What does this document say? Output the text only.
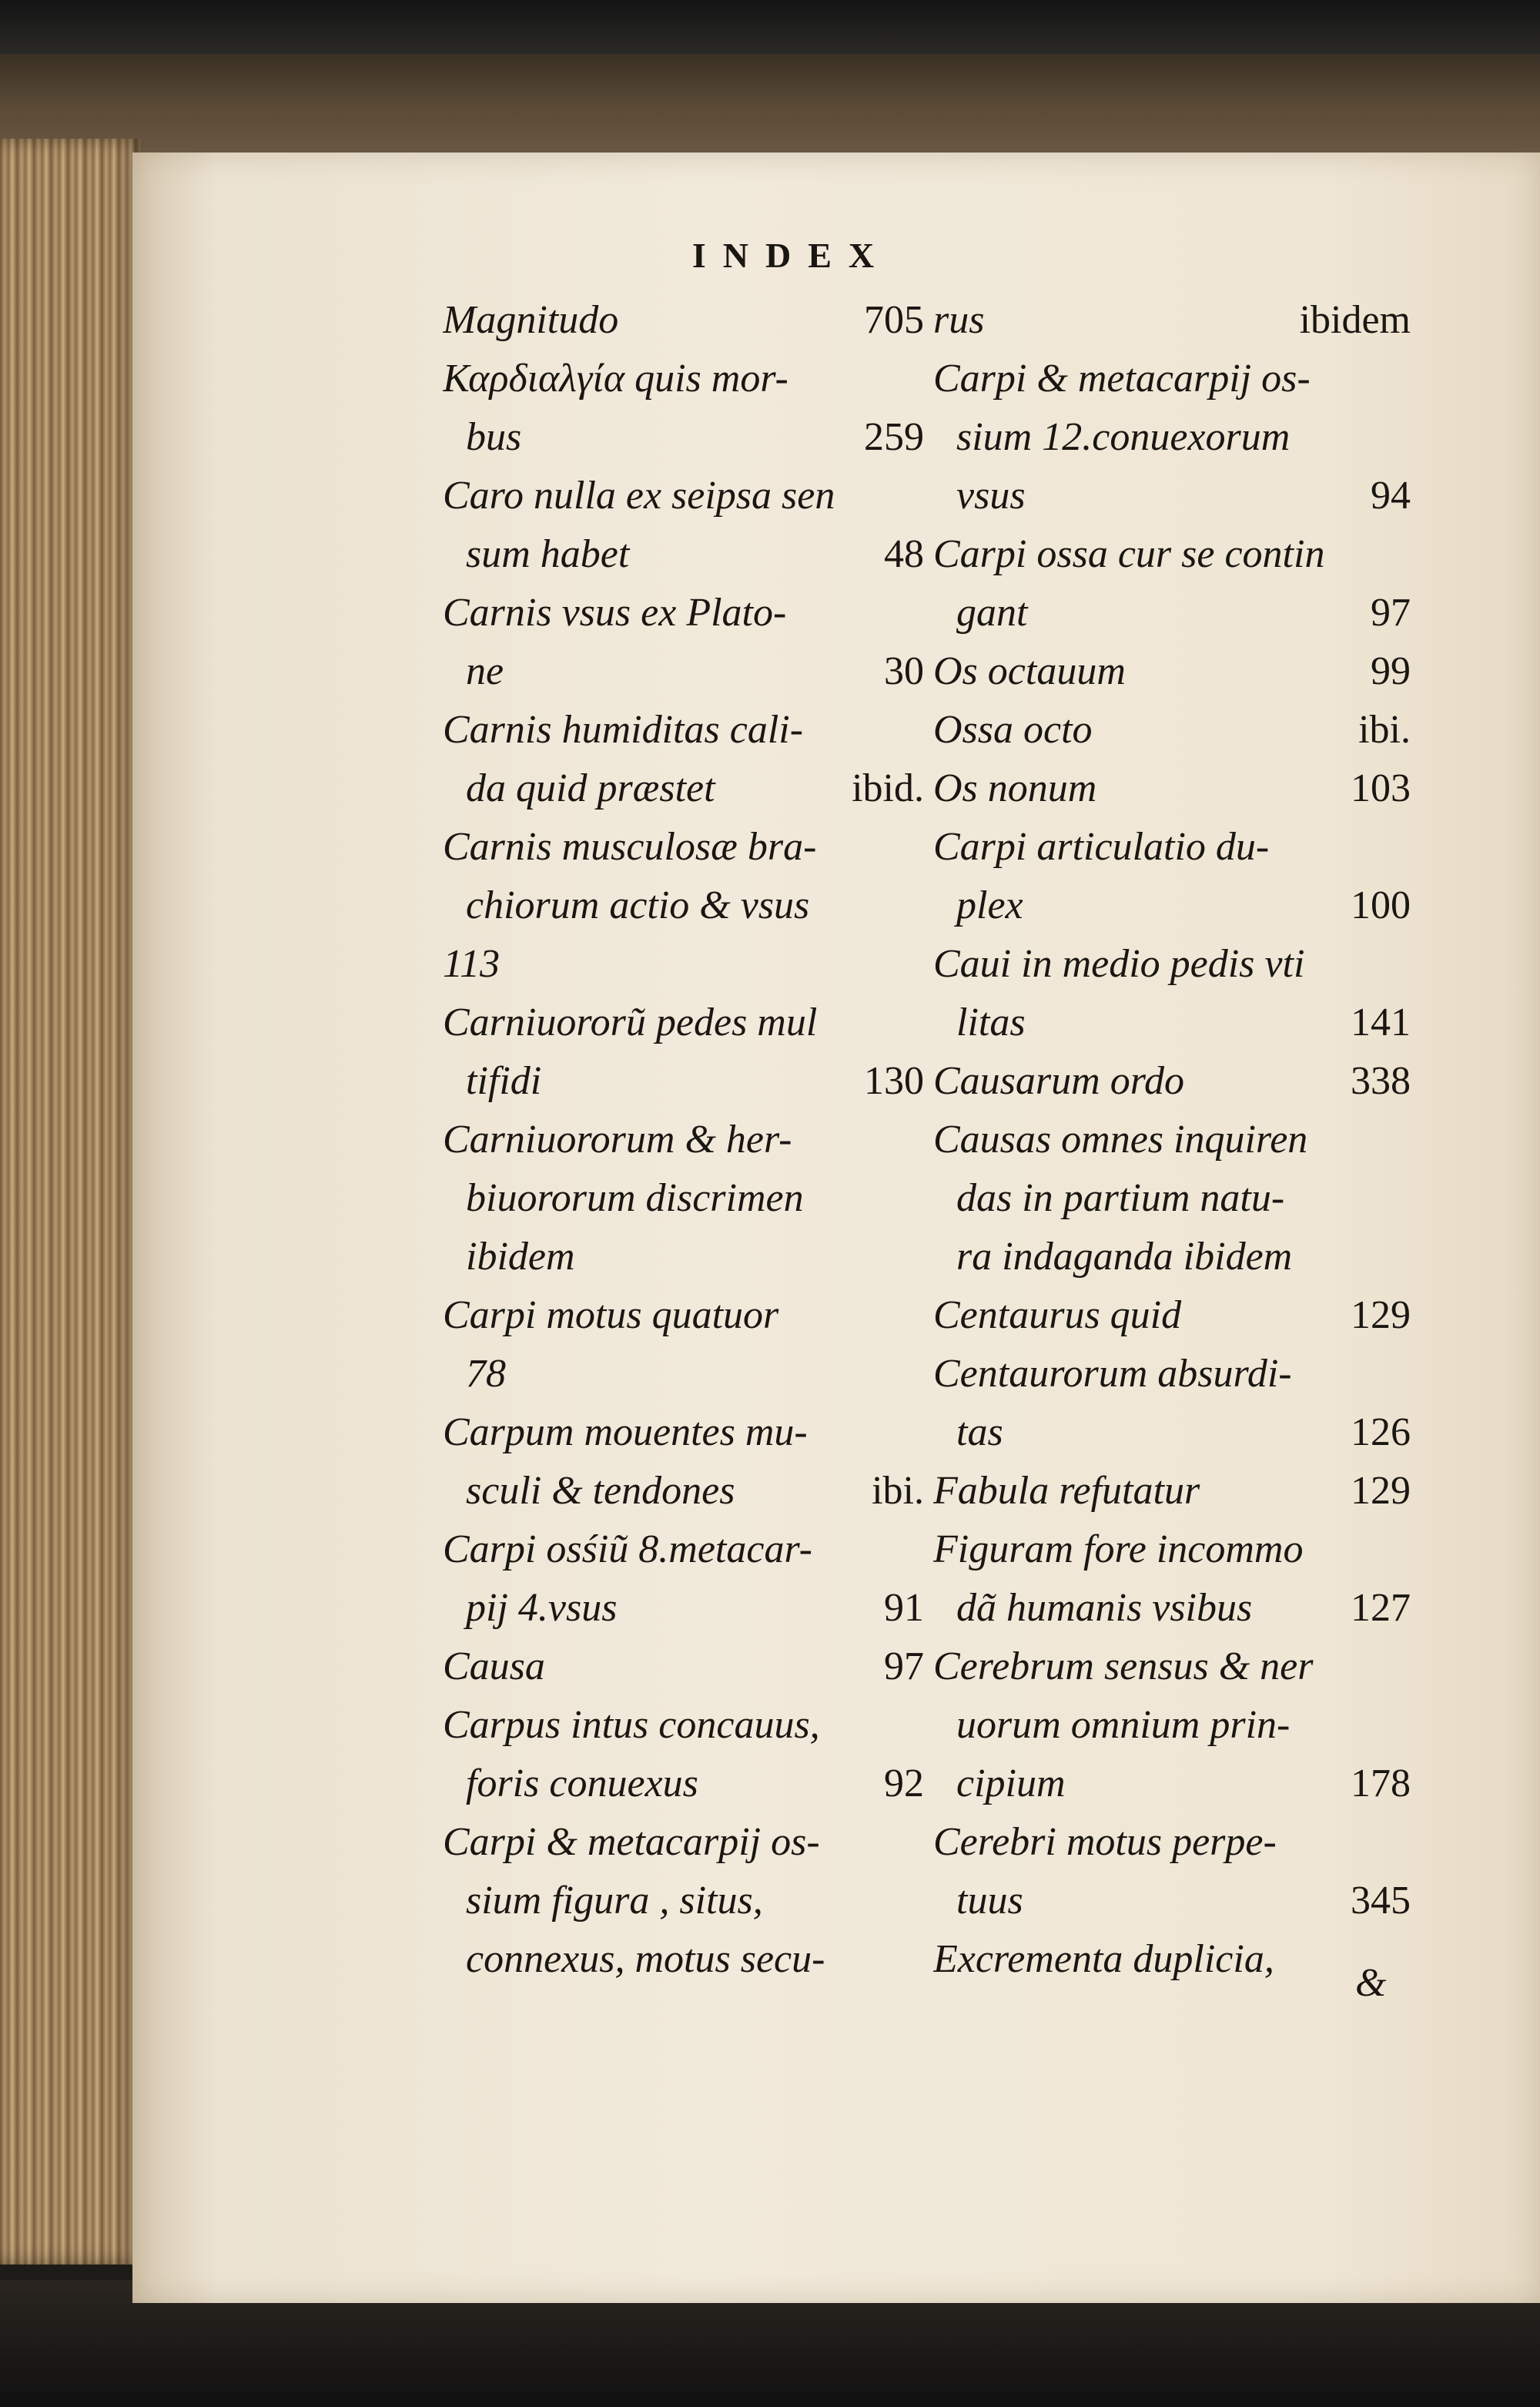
INDEX
Magnitudo	705
Καρδιαλγία quis mor-
bus	259
Caro nulla ex seipsa sen
sum habet	48
Carnis vsus ex Plato-
ne	30
Carnis humiditas cali-
da quid præstet	ibid.
Carnis musculosæ bra-
chiorum actio & vsus
113
Carniuororũ pedes mul
tifidi	130
Carniuororum & her-
biuororum discrimen
ibidem
Carpi motus quatuor
78
Carpum mouentes mu-
sculi & tendones	ibi.
Carpi osśiũ 8.metacar-
pij 4.vsus	91
Causa	97
Carpus intus concauus,
foris conuexus	92
Carpi & metacarpij os-
sium figura , situs,
connexus, motus secu-
rus	ibidem
Carpi & metacarpij os-
sium 12.conuexorum
vsus	94
Carpi ossa cur se contin
gant	97
Os octauum	99
Ossa octo	ibi.
Os nonum	103
Carpi articulatio du-
plex	100
Caui in medio pedis vti
litas	141
Causarum ordo	338
Causas omnes inquiren
das in partium natu-
ra indaganda ibidem
Centaurus quid	129
Centaurorum absurdi-
tas	126
Fabula refutatur	129
Figuram fore incommo
dã humanis vsibus 127
Cerebrum sensus & ner
uorum omnium prin-
cipium	178
Cerebri motus perpe-
tuus	345
Excrementa duplicia,
&
